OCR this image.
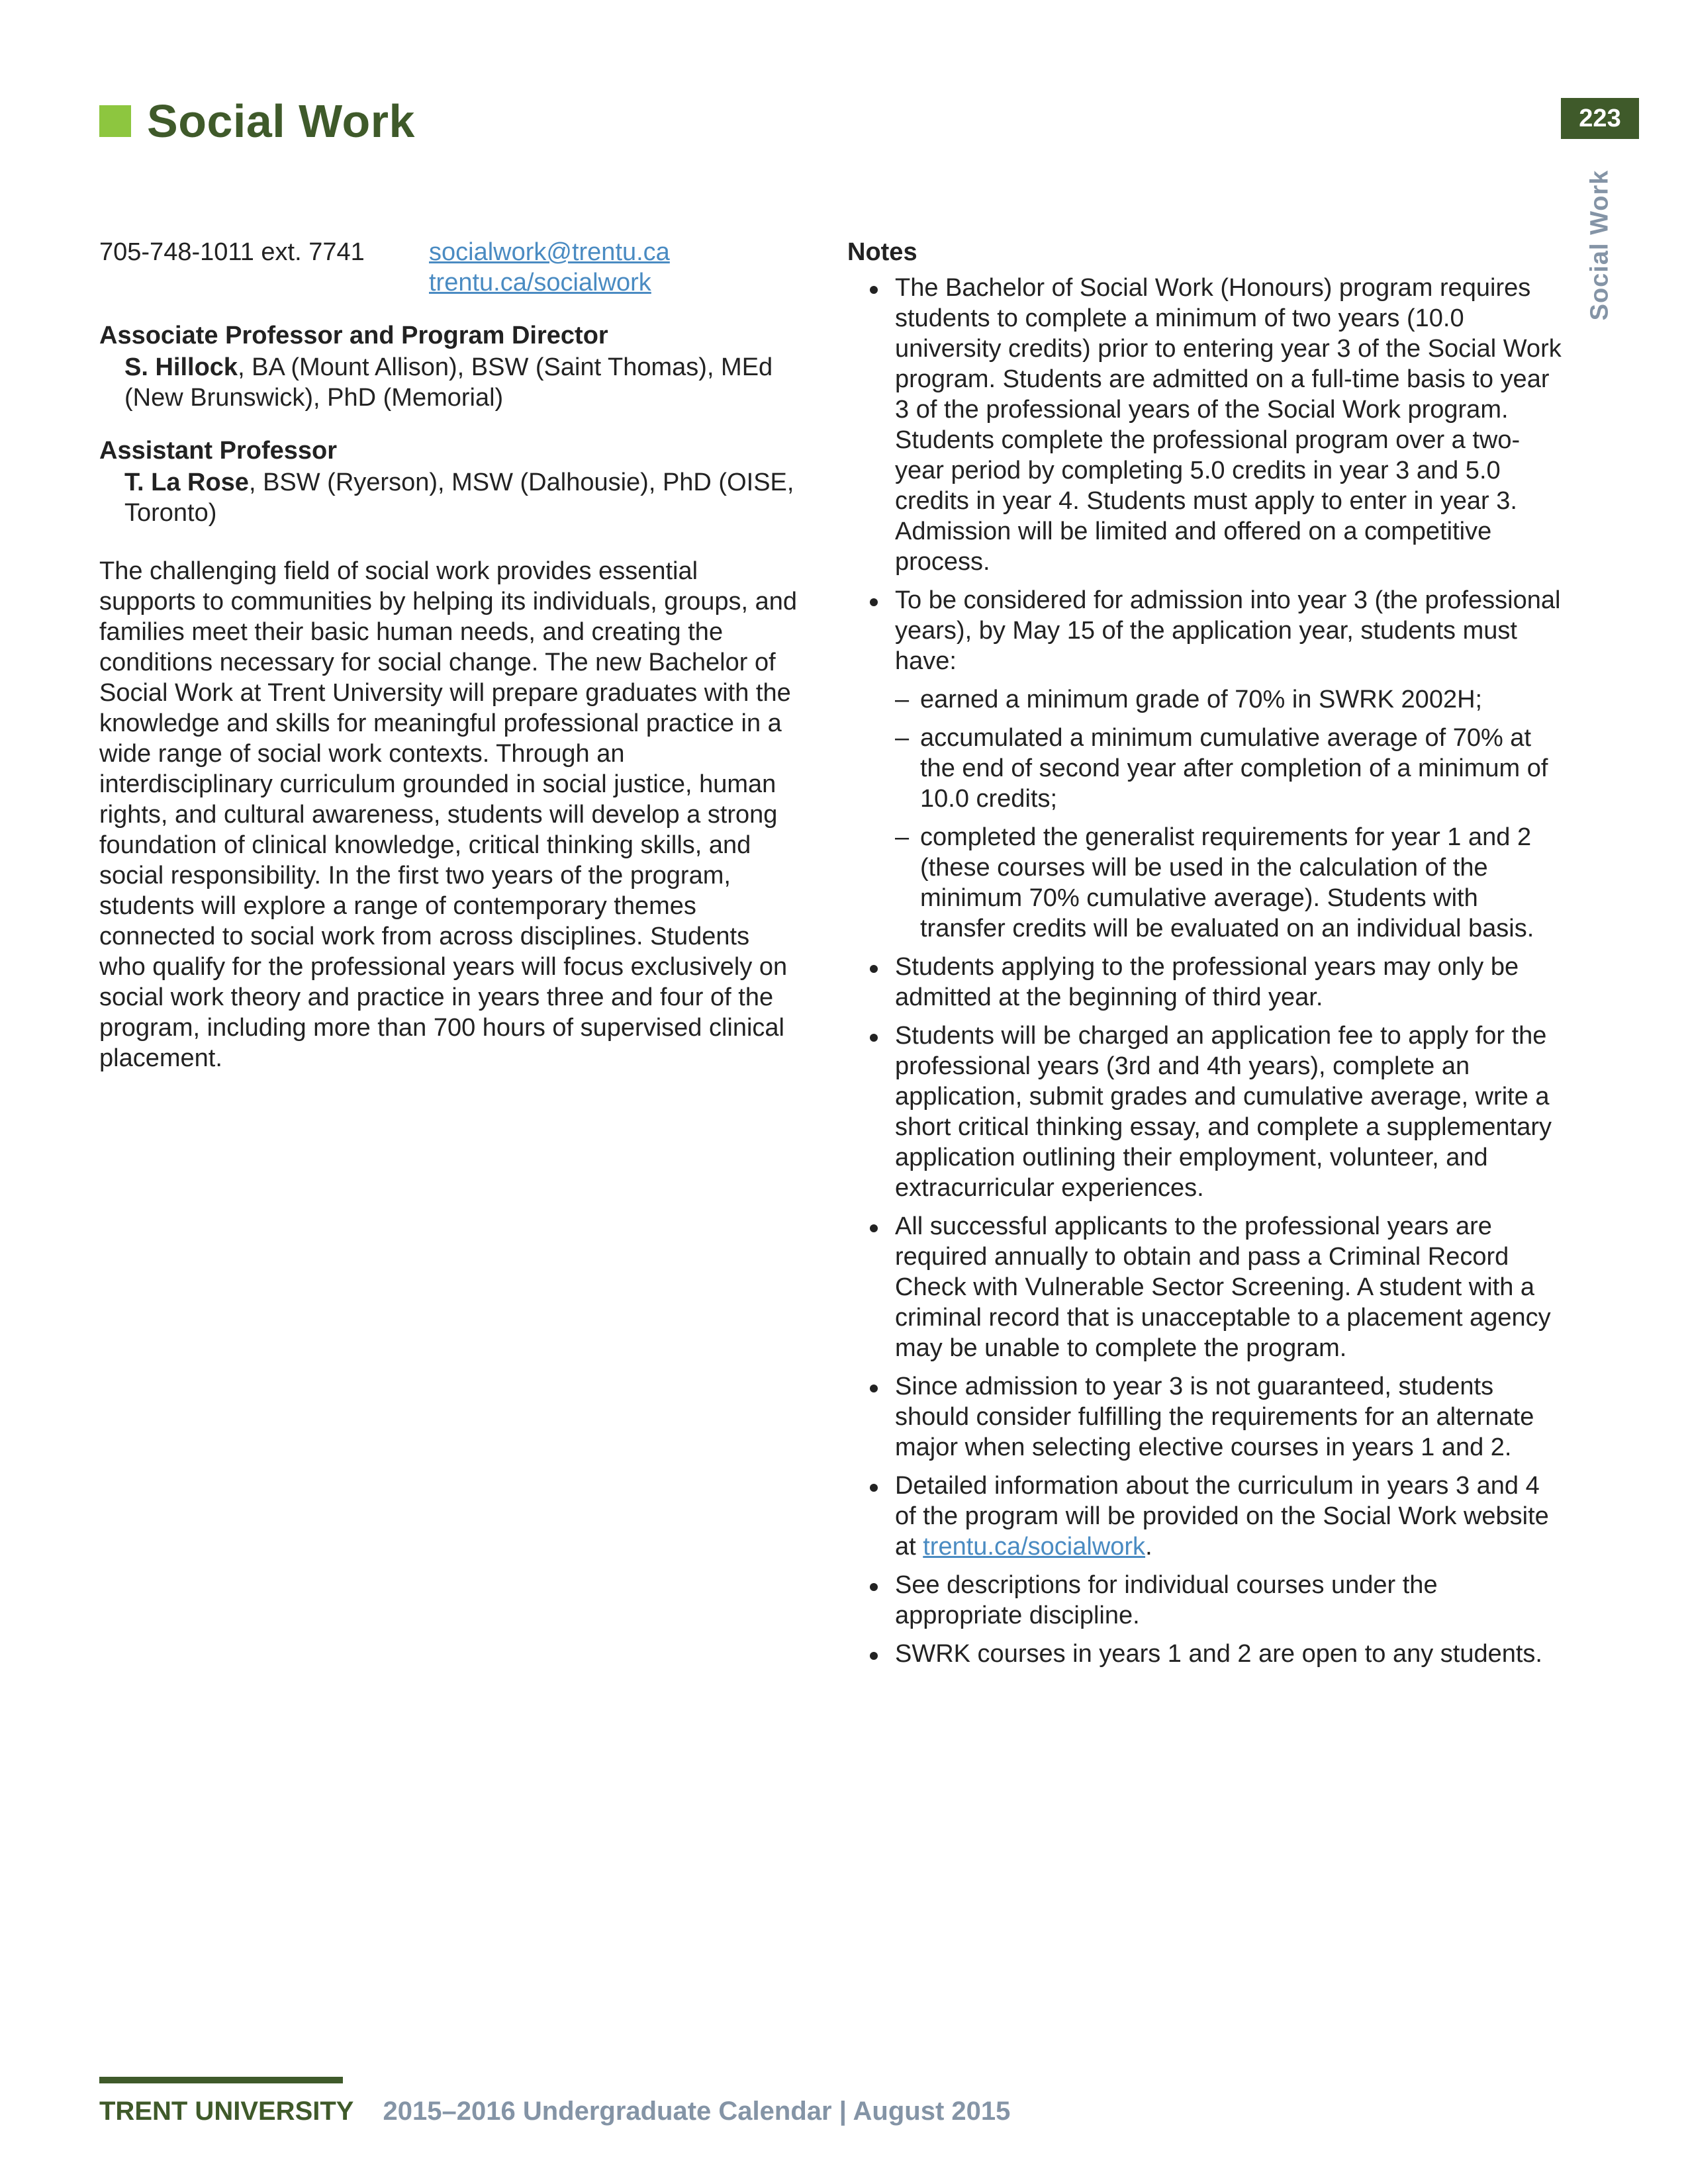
Social Work	223
Social Work
705-748-1011 ext. 7741	socialwork@trentu.ca
trentu.ca/socialwork
Associate Professor and Program Director
S. Hillock, BA (Mount Allison), BSW (Saint Thomas), MEd (New Brunswick), PhD (Memorial)
Assistant Professor
T. La Rose, BSW (Ryerson), MSW (Dalhousie), PhD (OISE, Toronto)

The challenging field of social work provides essential supports to communities by helping its individuals, groups, and families meet their basic human needs, and creating the conditions necessary for social change. The new Bachelor of Social Work at Trent University will prepare graduates with the knowledge and skills for meaningful professional practice in a wide range of social work contexts. Through an interdisciplinary curriculum grounded in social justice, human rights, and cultural awareness, students will develop a strong foundation of clinical knowledge, critical thinking skills, and social responsibility. In the first two years of the program, students will explore a range of contemporary themes connected to social work from across disciplines. Students who qualify for the professional years will focus exclusively on social work theory and practice in years three and four of the program, including more than 700 hours of supervised clinical placement.

Notes
The Bachelor of Social Work (Honours) program requires students to complete a minimum of two years (10.0 university credits) prior to entering year 3 of the Social Work program. Students are admitted on a full-time basis to year 3 of the professional years of the Social Work program. Students complete the professional program over a two-year period by completing 5.0 credits in year 3 and 5.0 credits in year 4. Students must apply to enter in year 3. Admission will be limited and offered on a competitive process.
To be considered for admission into year 3 (the professional years), by May 15 of the application year, students must have:
– earned a minimum grade of 70% in SWRK 2002H;
– accumulated a minimum cumulative average of 70% at the end of second year after completion of a minimum of 10.0 credits;
– completed the generalist requirements for year 1 and 2 (these courses will be used in the calculation of the minimum 70% cumulative average). Students with transfer credits will be evaluated on an individual basis.
Students applying to the professional years may only be admitted at the beginning of third year.
Students will be charged an application fee to apply for the professional years (3rd and 4th years), complete an application, submit grades and cumulative average, write a short critical thinking essay, and complete a supplementary application outlining their employment, volunteer, and extracurricular experiences.
All successful applicants to the professional years are required annually to obtain and pass a Criminal Record Check with Vulnerable Sector Screening. A student with a criminal record that is unacceptable to a placement agency may be unable to complete the program.
Since admission to year 3 is not guaranteed, students should consider fulfilling the requirements for an alternate major when selecting elective courses in years 1 and 2.
Detailed information about the curriculum in years 3 and 4 of the program will be provided on the Social Work website at trentu.ca/socialwork.
See descriptions for individual courses under the appropriate discipline.
SWRK courses in years 1 and 2 are open to any students.
TRENT UNIVERSITY 2015–2016 Undergraduate Calendar | August 2015
